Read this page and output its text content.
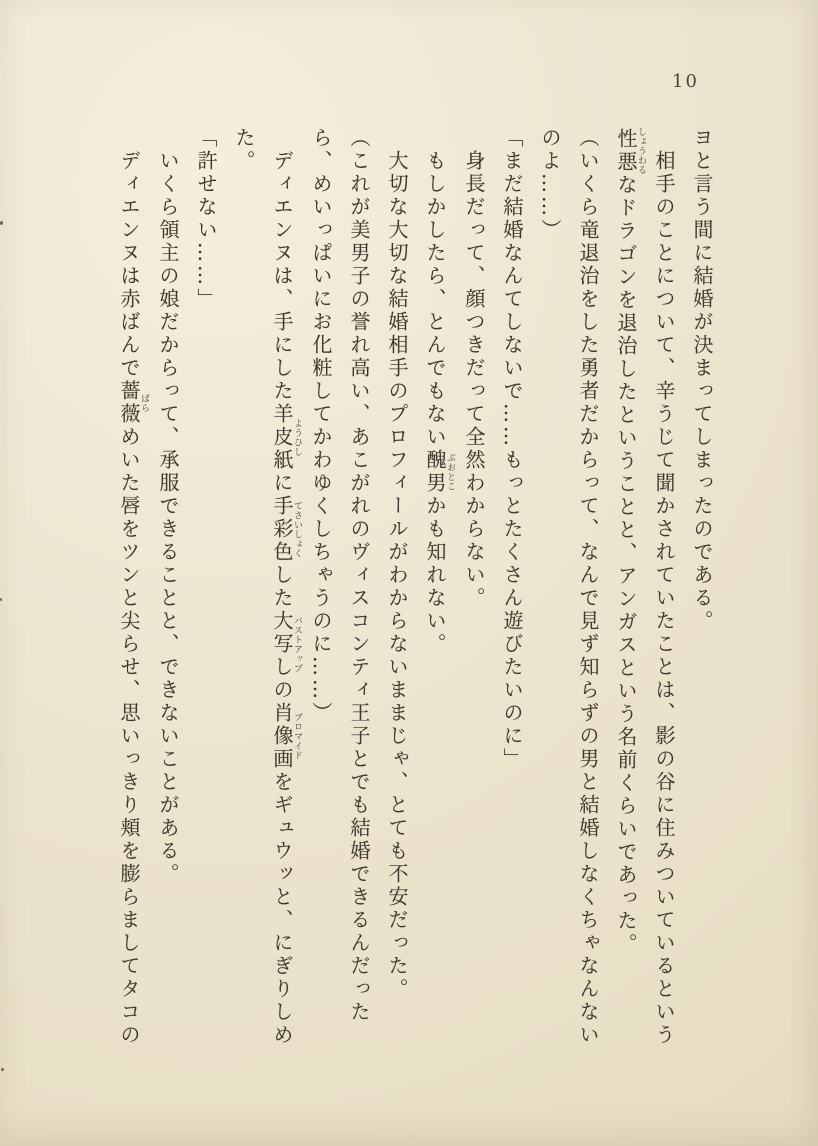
10

ヨと言う間に結婚が決まってしまったのである。

相手のことについて、辛うじて聞かされていたことは、影の谷に住みついているという性悪しょうわるなドラゴンを退治したということと、アンガスという名前くらいであった。

（いくら竜退治をした勇者だからって、なんで見ず知らずの男と結婚しなくちゃなんないのよ……）

「まだ結婚なんてしないで……もっとたくさん遊びたいのに」

身長だって、顔つきだって全然わからない。

もしかしたら、とんでもない醜男ぶおとこかも知れない。

大切な大切な結婚相手のプロフィールがわからないままじゃ、とても不安だった。

（これが美男子の誉れ高い、あこがれのヴィスコンティ王子とでも結婚できるんだったら、めいっぱいにお化粧してかわゆくしちゃうのに……）

ディエンヌは、手にした羊皮紙ようひしに手彩色てさいしょくした大写しバストアップの肖像画ブロマイドをギュウッと、にぎりしめた。

「許せない……」

いくら領主の娘だからって、承服できることと、できないことがある。

ディエンヌは赤ばんで薔薇ばらめいた唇をツンと尖らせ、思いっきり頬を膨らましてタコの
